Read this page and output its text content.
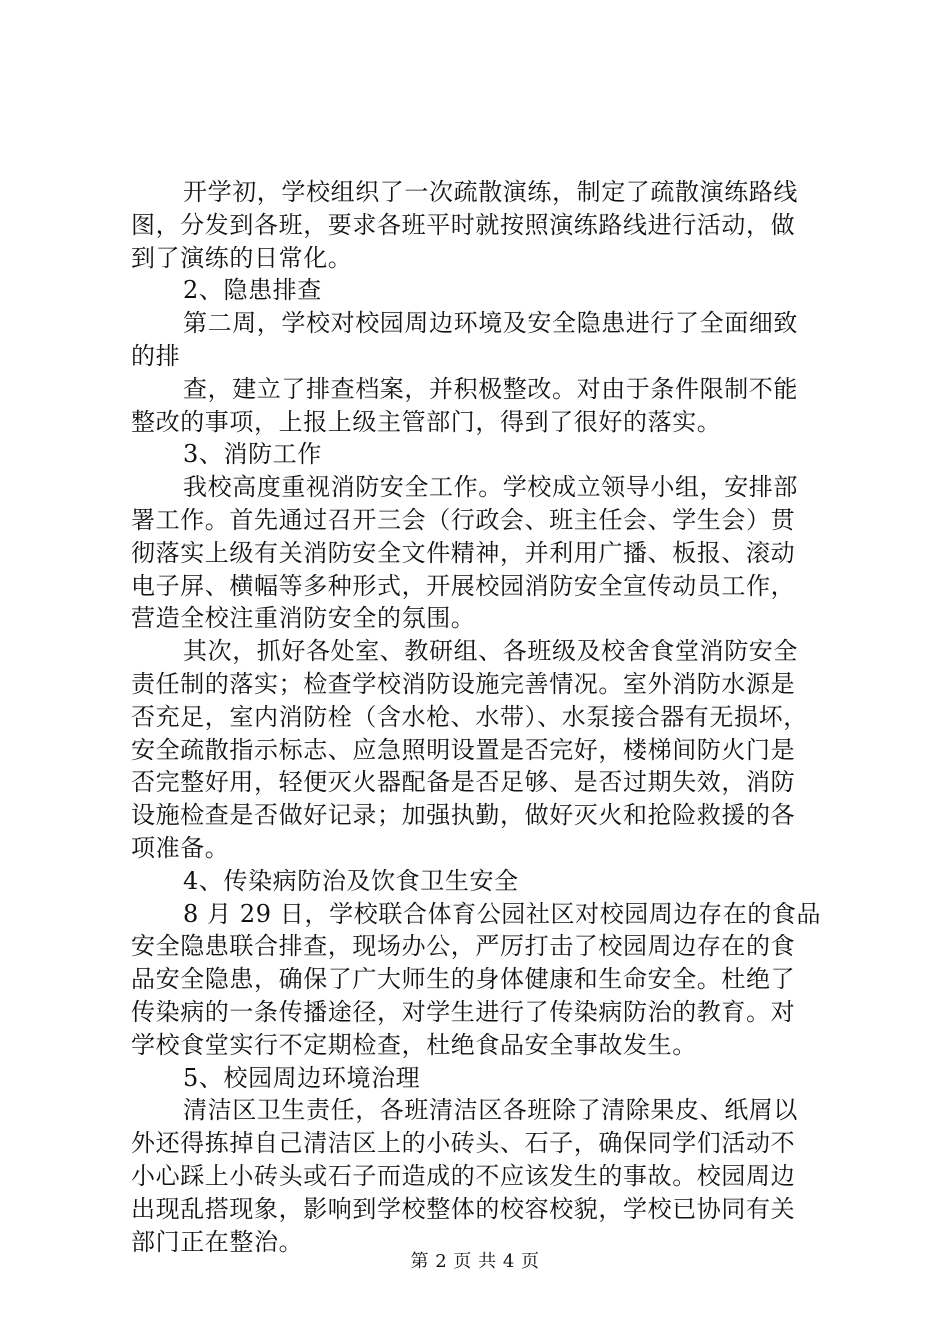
开学初，学校组织了一次疏散演练，制定了疏散演练路线
图，分发到各班，要求各班平时就按照演练路线进行活动，做
到了演练的日常化。
2、隐患排查
第二周，学校对校园周边环境及安全隐患进行了全面细致
的排
查，建立了排查档案，并积极整改。对由于条件限制不能
整改的事项，上报上级主管部门，得到了很好的落实。
3、消防工作
我校高度重视消防安全工作。学校成立领导小组，安排部
署工作。首先通过召开三会（行政会、班主任会、学生会）贯
彻落实上级有关消防安全文件精神，并利用广播、板报、滚动
电子屏、横幅等多种形式，开展校园消防安全宣传动员工作，
营造全校注重消防安全的氛围。
其次，抓好各处室、教研组、各班级及校舍食堂消防安全
责任制的落实；检查学校消防设施完善情况。室外消防水源是
否充足，室内消防栓（含水枪、水带）、水泵接合器有无损坏，
安全疏散指示标志、应急照明设置是否完好，楼梯间防火门是
否完整好用，轻便灭火器配备是否足够、是否过期失效，消防
设施检查是否做好记录；加强执勤，做好灭火和抢险救援的各
项准备。
4、传染病防治及饮食卫生安全
8 月 29 日，学校联合体育公园社区对校园周边存在的食品
安全隐患联合排查，现场办公，严厉打击了校园周边存在的食
品安全隐患，确保了广大师生的身体健康和生命安全。杜绝了
传染病的一条传播途径，对学生进行了传染病防治的教育。对
学校食堂实行不定期检查，杜绝食品安全事故发生。
5、校园周边环境治理
清洁区卫生责任，各班清洁区各班除了清除果皮、纸屑以
外还得拣掉自己清洁区上的小砖头、石子，确保同学们活动不
小心踩上小砖头或石子而造成的不应该发生的事故。校园周边
出现乱搭现象，影响到学校整体的校容校貌，学校已协同有关
部门正在整治。
第 2 页 共 4 页
